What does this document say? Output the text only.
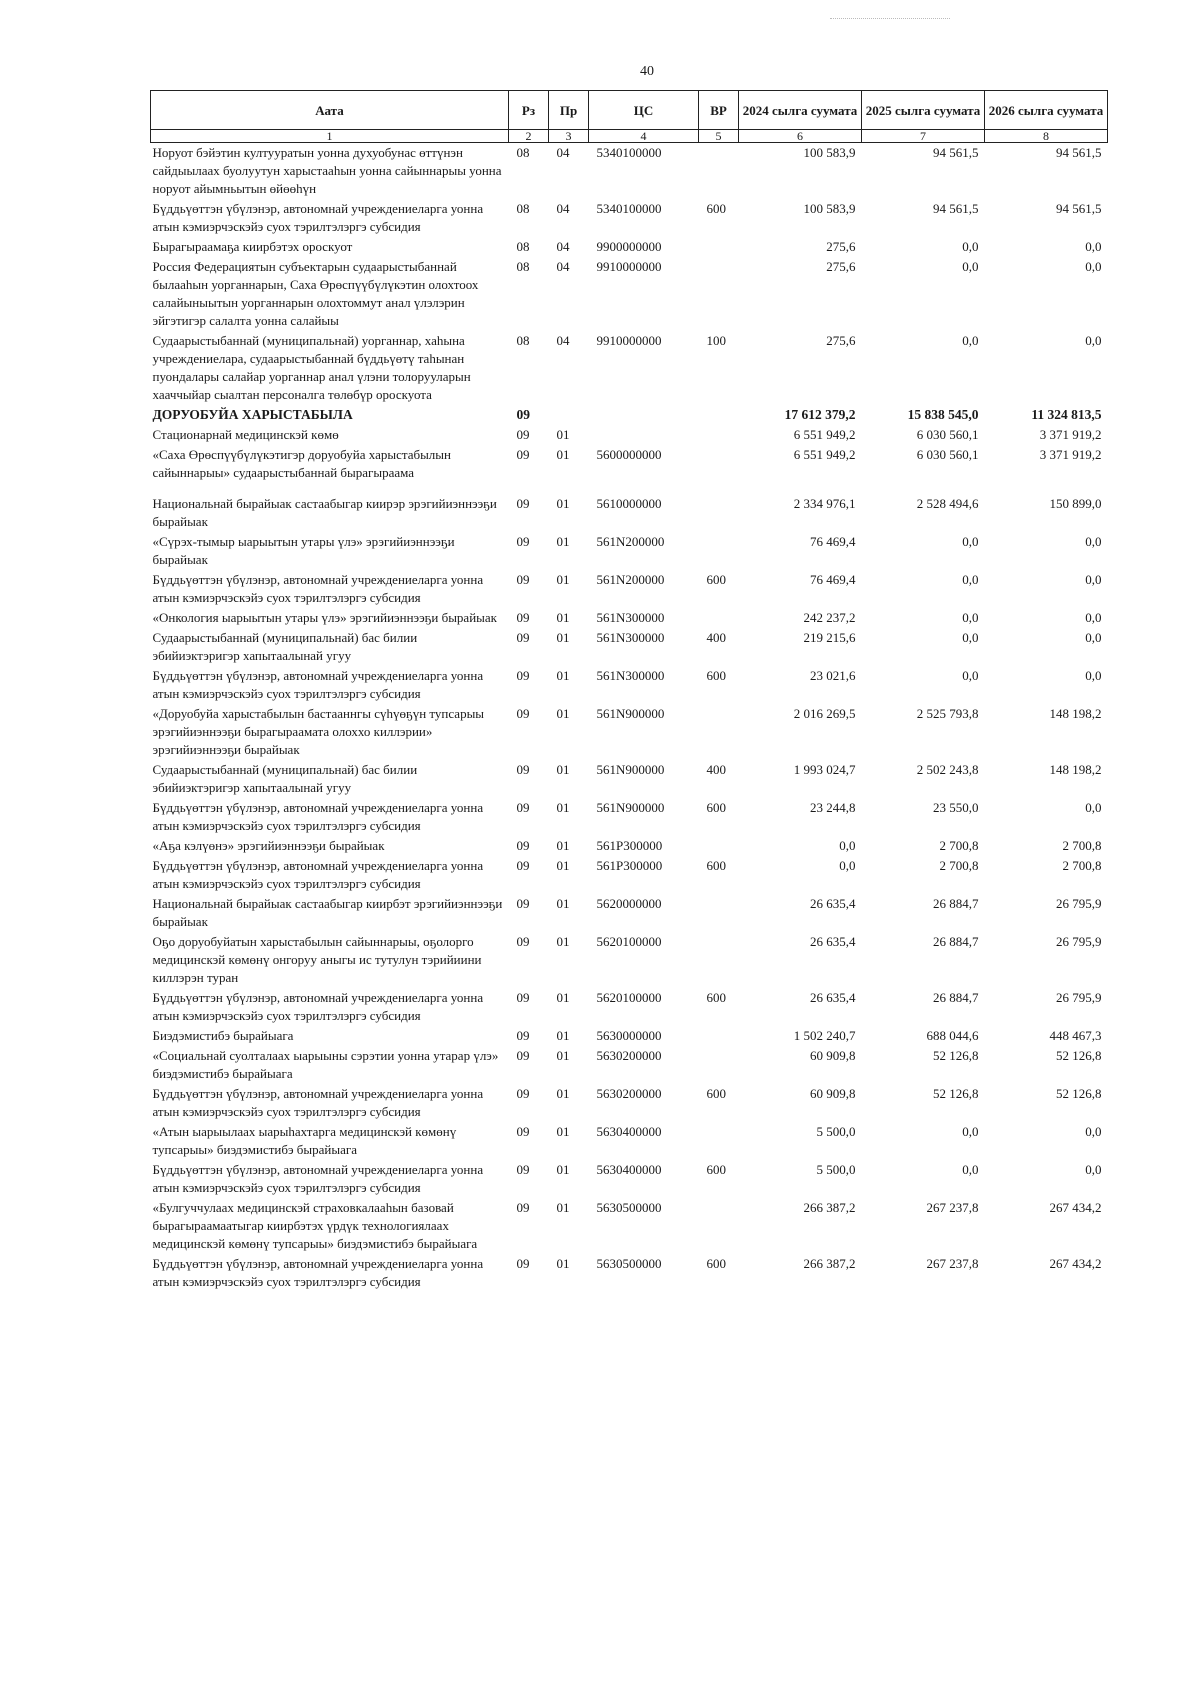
40
Аата	Рз	Пр	ЦС	ВР	2024 сылга суумата	2025 сылга суумата	2026 сылга суумата
1	2	3	4	5	6	7	8
Норуот бэйэтин култууратын уонна духуобунас өттүнэн сайдыылаах буолуутун харыстааһын уонна сайыннарыы уонна норуот айымньытын өйөөһүн	08	04	5340100000		100 583,9	94 561,5	94 561,5
Бүддьүөттэн үбүлэнэр, автономнай учреждениеларга уонна атын кэмиэрчэскэйэ суох тэрилтэлэргэ субсидия	08	04	5340100000	600	100 583,9	94 561,5	94 561,5
Бырагыраамаҕа киирбэтэх ороскуот	08	04	9900000000		275,6	0,0	0,0
Россия Федерациятын субъектарын судаарыстыбаннай былааһын уорганнарын, Саха Өрөспүүбүлүкэтин олохтоох салайыныытын уорганнарын олохтоммут анал үлэлэрин эйгэтигэр салалта уонна салайыы	08	04	9910000000		275,6	0,0	0,0
Судаарыстыбаннай (муниципальнай) уорганнар, хаһына учреждениелара, судаарыстыбаннай бүддьүөтү таһынан пуондалары салайар уорганнар анал үлэни толорууларын хааччыйар сыалтан персоналга төлөбүр ороскуота	08	04	9910000000	100	275,6	0,0	0,0
ДОРУОБУЙА ХАРЫСТАБЫЛА	09				17 612 379,2	15 838 545,0	11 324 813,5
Стационарнай медицинскэй көмө	09	01			6 551 949,2	6 030 560,1	3 371 919,2
«Саха Өрөспүүбүлүкэтигэр доруобуйа харыстабылын сайыннарыы» судаарыстыбаннай бырагыраама	09	01	5600000000		6 551 949,2	6 030 560,1	3 371 919,2
Национальнай бырайыак састаабыгар киирэр эрэгийиэннээҕи бырайыак	09	01	5610000000		2 334 976,1	2 528 494,6	150 899,0
«Сүрэх-тымыр ыарыытын утары үлэ» эрэгийиэннээҕи бырайыак	09	01	561N200000		76 469,4	0,0	0,0
Бүддьүөттэн үбүлэнэр, автономнай учреждениеларга уонна атын кэмиэрчэскэйэ суох тэрилтэлэргэ субсидия	09	01	561N200000	600	76 469,4	0,0	0,0
«Онкология ыарыытын утары үлэ» эрэгийиэннээҕи бырайыак	09	01	561N300000		242 237,2	0,0	0,0
Судаарыстыбаннай (муниципальнай) бас билии эбийиэктэригэр хапытаалынай угуу	09	01	561N300000	400	219 215,6	0,0	0,0
Бүддьүөттэн үбүлэнэр, автономнай учреждениеларга уонна атын кэмиэрчэскэйэ суох тэрилтэлэргэ субсидия	09	01	561N300000	600	23 021,6	0,0	0,0
«Доруобуйа харыстабылын бастааннгы сүһүөҕүн тупсарыы эрэгийиэннээҕи бырагыраамата олоххо киллэрии» эрэгийиэннээҕи бырайыак	09	01	561N900000		2 016 269,5	2 525 793,8	148 198,2
Судаарыстыбаннай (муниципальнай) бас билии эбийиэктэригэр хапытаалынай угуу	09	01	561N900000	400	1 993 024,7	2 502 243,8	148 198,2
Бүддьүөттэн үбүлэнэр, автономнай учреждениеларга уонна атын кэмиэрчэскэйэ суох тэрилтэлэргэ субсидия	09	01	561N900000	600	23 244,8	23 550,0	0,0
«Аҕа кэлүөнэ» эрэгийиэннээҕи бырайыак	09	01	561P300000		0,0	2 700,8	2 700,8
Бүддьүөттэн үбүлэнэр, автономнай учреждениеларга уонна атын кэмиэрчэскэйэ суох тэрилтэлэргэ субсидия	09	01	561P300000	600	0,0	2 700,8	2 700,8
Национальнай бырайыак састаабыгар киирбэт эрэгийиэннээҕи бырайыак	09	01	5620000000		26 635,4	26 884,7	26 795,9
Оҕо доруобуйатын харыстабылын сайыннарыы, оҕолорго медицинскэй көмөнү онгоруу аныгы ис тутулун тэрийиини киллэрэн туран	09	01	5620100000		26 635,4	26 884,7	26 795,9
Бүддьүөттэн үбүлэнэр, автономнай учреждениеларга уонна атын кэмиэрчэскэйэ суох тэрилтэлэргэ субсидия	09	01	5620100000	600	26 635,4	26 884,7	26 795,9
Биэдэмистибэ бырайыага	09	01	5630000000		1 502 240,7	688 044,6	448 467,3
«Социальнай суолталаах ыарыыны сэрэтии уонна утарар үлэ» биэдэмистибэ бырайыага	09	01	5630200000		60 909,8	52 126,8	52 126,8
Бүддьүөттэн үбүлэнэр, автономнай учреждениеларга уонна атын кэмиэрчэскэйэ суох тэрилтэлэргэ субсидия	09	01	5630200000	600	60 909,8	52 126,8	52 126,8
«Атын ыарыылаах ыарыһахтарга медицинскэй көмөнү тупсарыы» биэдэмистибэ бырайыага	09	01	5630400000		5 500,0	0,0	0,0
Бүддьүөттэн үбүлэнэр, автономнай учреждениеларга уонна атын кэмиэрчэскэйэ суох тэрилтэлэргэ субсидия	09	01	5630400000	600	5 500,0	0,0	0,0
«Булгуччулаах медицинскэй страховкалааһын базовай бырагыраамаатыгар киирбэтэх үрдүк технологиялаах медицинскэй көмөнү тупсарыы» биэдэмистибэ бырайыага	09	01	5630500000		266 387,2	267 237,8	267 434,2
Бүддьүөттэн үбүлэнэр, автономнай учреждениеларга уонна атын кэмиэрчэскэйэ суох тэрилтэлэргэ субсидия	09	01	5630500000	600	266 387,2	267 237,8	267 434,2
